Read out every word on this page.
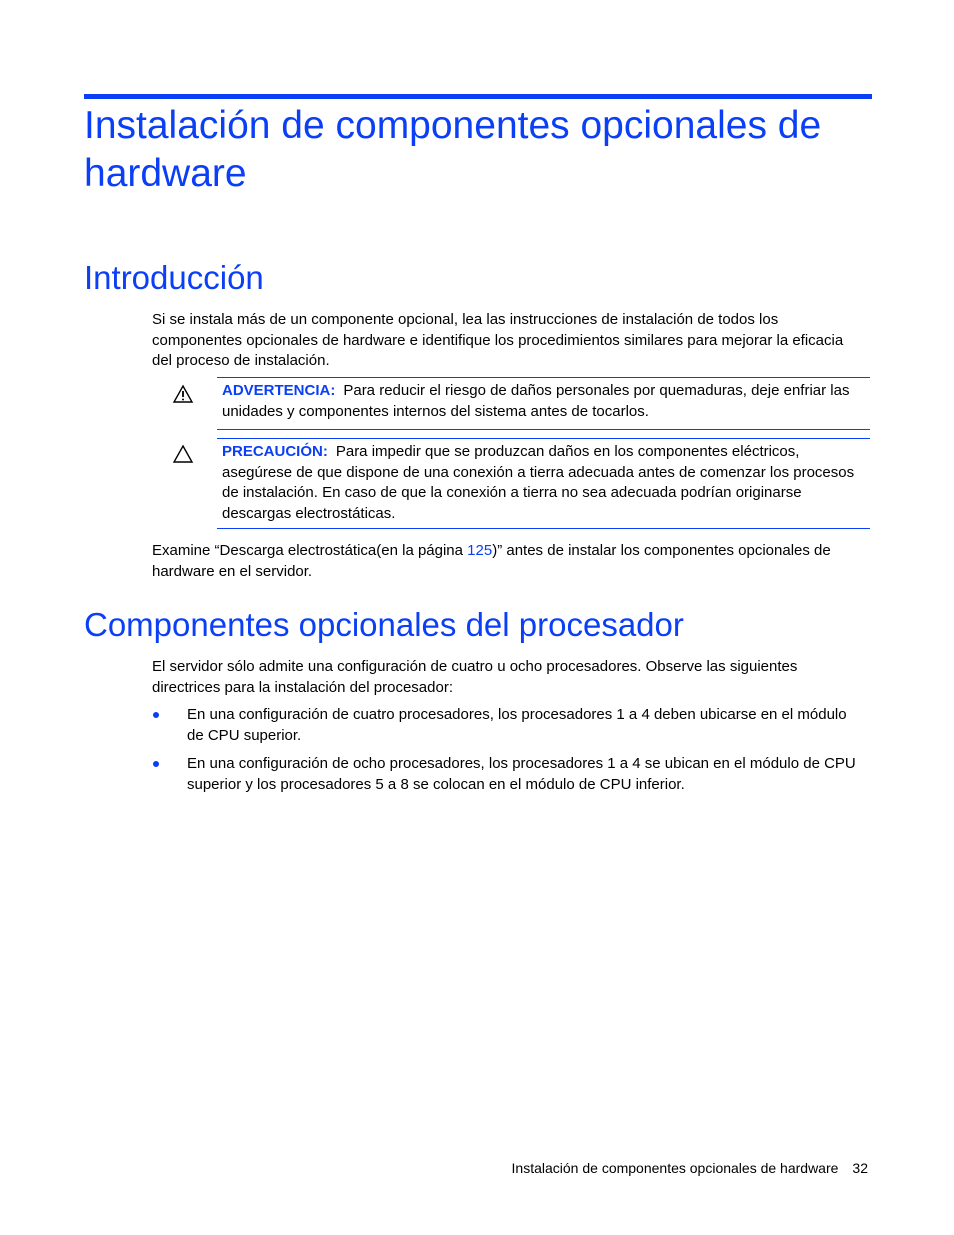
Instalación de componentes opcionales de hardware
Introducción

Si se instala más de un componente opcional, lea las instrucciones de instalación de todos los componentes opcionales de hardware e identifique los procedimientos similares para mejorar la eficacia del proceso de instalación.

ADVERTENCIA: Para reducir el riesgo de daños personales por quemaduras, deje enfriar las unidades y componentes internos del sistema antes de tocarlos.
PRECAUCIÓN: Para impedir que se produzcan daños en los componentes eléctricos, asegúrese de que dispone de una conexión a tierra adecuada antes de comenzar los procesos de instalación. En caso de que la conexión a tierra no sea adecuada podrían originarse descargas electrostáticas.

Examine “Descarga electrostática(en la página 125)” antes de instalar los componentes opcionales de hardware en el servidor.

Componentes opcionales del procesador

El servidor sólo admite una configuración de cuatro u ocho procesadores. Observe las siguientes directrices para la instalación del procesador:

En una configuración de cuatro procesadores, los procesadores 1 a 4 deben ubicarse en el módulo de CPU superior.
En una configuración de ocho procesadores, los procesadores 1 a 4 se ubican en el módulo de CPU superior y los procesadores 5 a 8 se colocan en el módulo de CPU inferior.
Instalación de componentes opcionales de hardware 32
